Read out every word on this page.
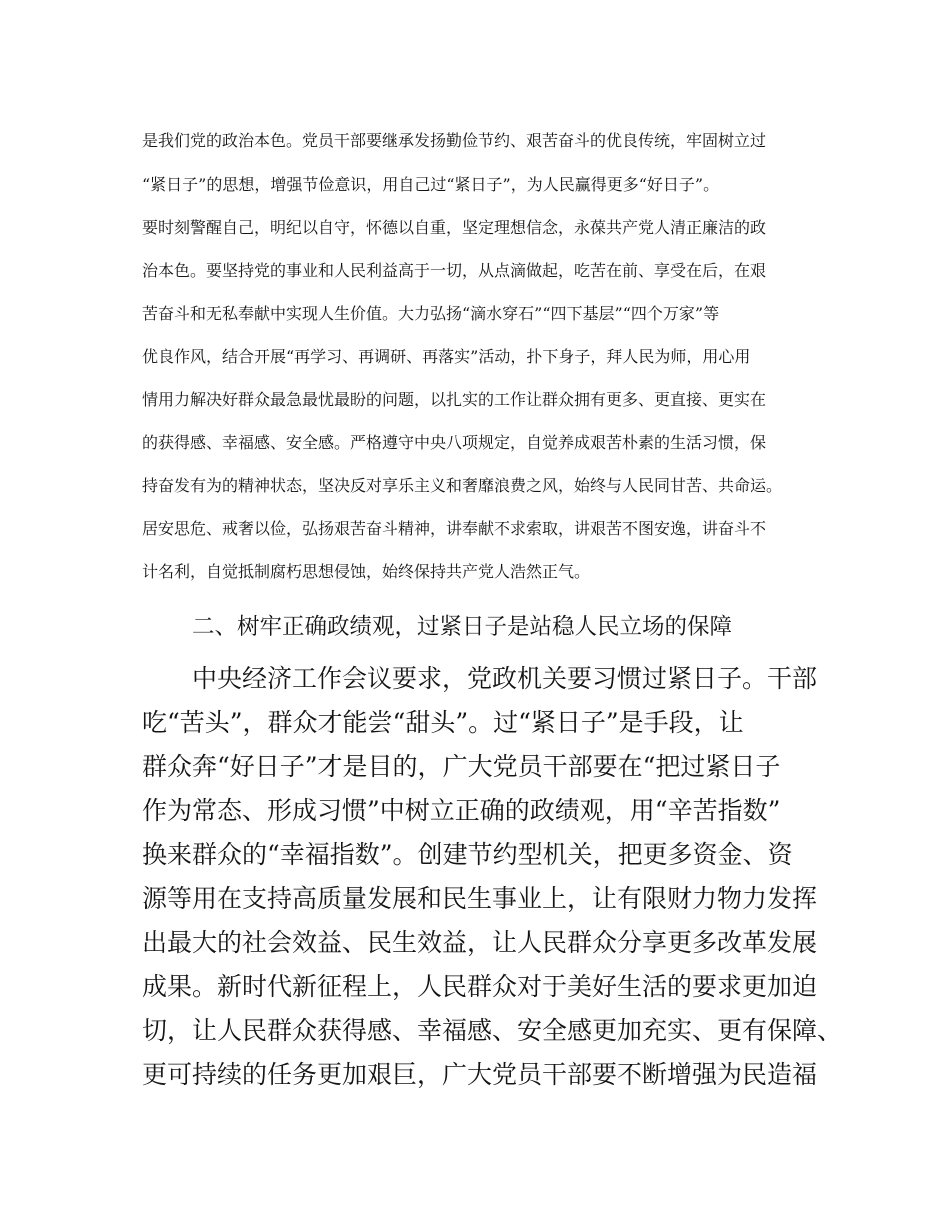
是我们党的政治本色。党员干部要继承发扬勤俭节约、艰苦奋斗的优良传统，牢固树立过
“紧日子”的思想，增强节俭意识，用自己过“紧日子”，为人民赢得更多“好日子”。
要时刻警醒自己，明纪以自守，怀德以自重，坚定理想信念，永葆共产党人清正廉洁的政
治本色。要坚持党的事业和人民利益高于一切，从点滴做起，吃苦在前、享受在后，在艰
苦奋斗和无私奉献中实现人生价值。大力弘扬“滴水穿石”“四下基层”“四个万家”等
优良作风，结合开展“再学习、再调研、再落实”活动，扑下身子，拜人民为师，用心用
情用力解决好群众最急最忧最盼的问题，以扎实的工作让群众拥有更多、更直接、更实在
的获得感、幸福感、安全感。严格遵守中央八项规定，自觉养成艰苦朴素的生活习惯，保
持奋发有为的精神状态，坚决反对享乐主义和奢靡浪费之风，始终与人民同甘苦、共命运。
居安思危、戒奢以俭，弘扬艰苦奋斗精神，讲奉献不求索取，讲艰苦不图安逸，讲奋斗不
计名利，自觉抵制腐朽思想侵蚀，始终保持共产党人浩然正气。
二、树牢正确政绩观，过紧日子是站稳人民立场的保障
中央经济工作会议要求，党政机关要习惯过紧日子。干部
吃“苦头”，群众才能尝“甜头”。过“紧日子”是手段，让
群众奔“好日子”才是目的，广大党员干部要在“把过紧日子
作为常态、形成习惯”中树立正确的政绩观，用“辛苦指数”
换来群众的“幸福指数”。创建节约型机关，把更多资金、资
源等用在支持高质量发展和民生事业上，让有限财力物力发挥
出最大的社会效益、民生效益，让人民群众分享更多改革发展
成果。新时代新征程上，人民群众对于美好生活的要求更加迫
切，让人民群众获得感、幸福感、安全感更加充实、更有保障、
更可持续的任务更加艰巨，广大党员干部要不断增强为民造福
